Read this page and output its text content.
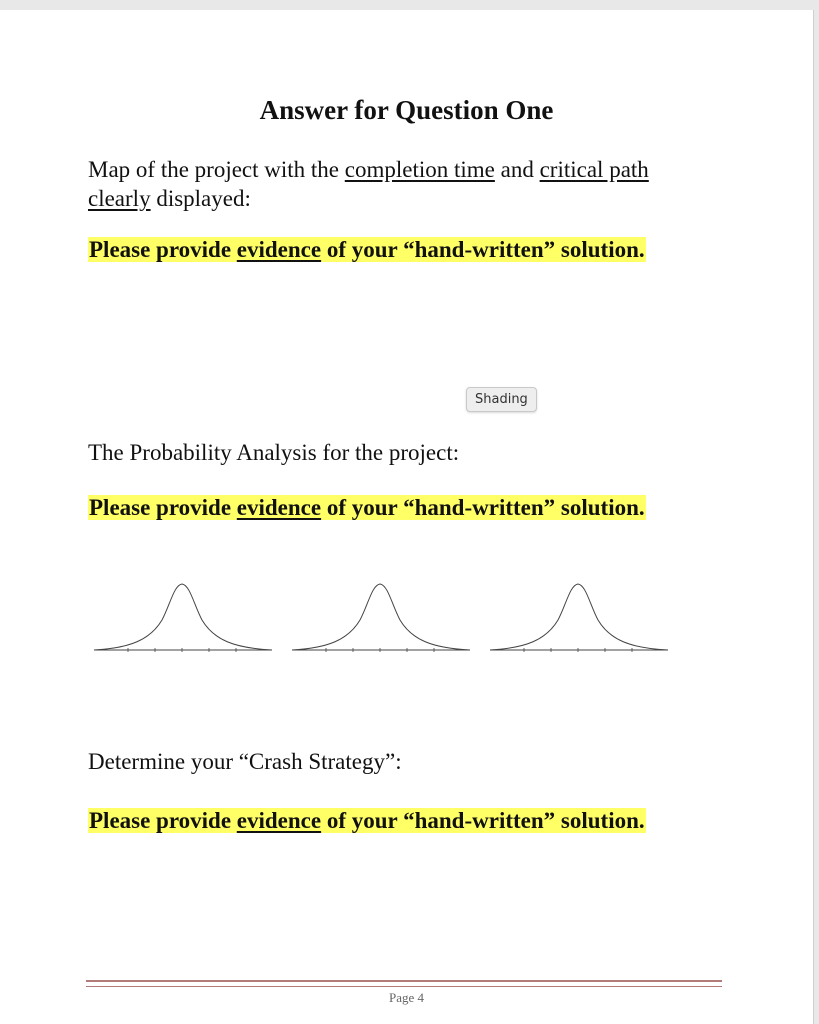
Answer for Question One
Map of the project with the completion time and critical path
clearly displayed:
Please provide evidence of your “hand-written” solution.
Shading
The Probability Analysis for the project:
Please provide evidence of your “hand-written” solution.
Determine your “Crash Strategy”:
Please provide evidence of your “hand-written” solution.
Page 4
